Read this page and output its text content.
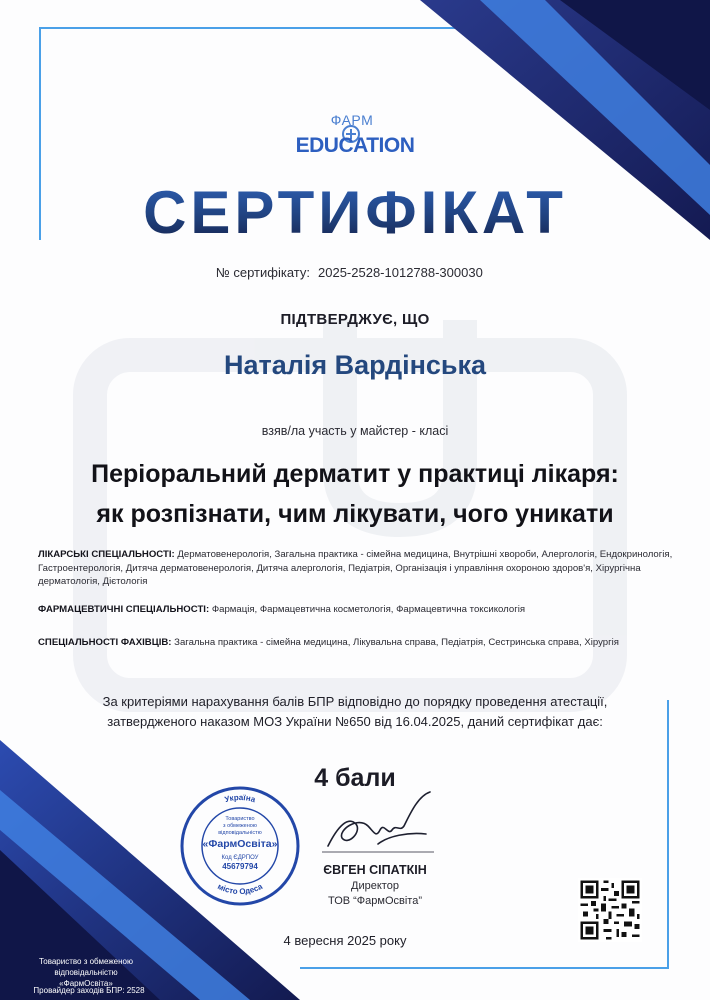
ФАРМ
EDUCATION
СЕРТИФІКАТ
№ сертифікату: 2025-2528-1012788-300030
ПІДТВЕРДЖУЄ, ЩО
Наталія Вардінська
взяв/ла участь у майстер - класі
Періоральний дерматит у практиці лікаря:
як розпізнати, чим лікувати, чого уникати
ЛІКАРСЬКІ СПЕЦІАЛЬНОСТІ: Дерматовенерологія, Загальна практика - сімейна медицина, Внутрішні хвороби, Алергологія, Ендокринологія, Гастроентерологія, Дитяча дерматовенерологія, Дитяча алергологія, Педіатрія, Організація і управління охороною здоров'я, Хірургічна дерматологія, Дієтологія
ФАРМАЦЕВТИЧНІ СПЕЦІАЛЬНОСТІ: Фармація, Фармацевтична косметологія, Фармацевтична токсикологія
СПЕЦІАЛЬНОСТІ ФАХІВЦІВ: Загальна практика - сімейна медицина, Лікувальна справа, Педіатрія, Сестринська справа, Хірургія
За критеріями нарахування балів БПР відповідно до порядку проведення атестації,
затвердженого наказом МОЗ України №650 від 16.04.2025, даний сертифікат дає:
4 бали
Україна
місто Одеса
Товариство
з обмеженою
відповідальністю
«ФармОсвіта»
Код ЄДРПОУ
45679794	ЄВГЕН СІПАТКІН
Директор
ТОВ “ФармОсвіта”
4 вересня 2025 року
Товариство з обмеженою
відповідальністю
«ФармОсвіта»
Провайдер заходів БПР: 2528
